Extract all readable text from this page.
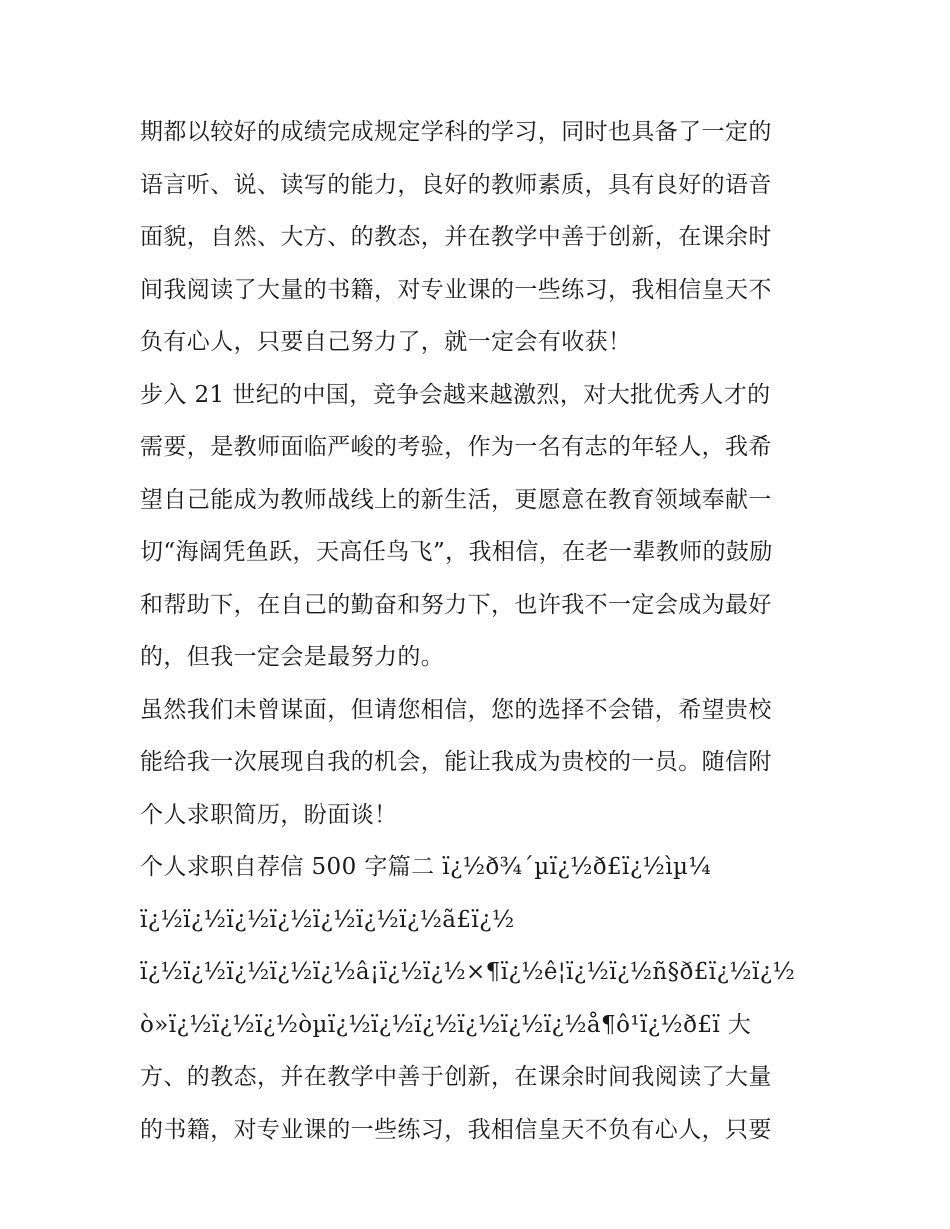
期都以较好的成绩完成规定学科的学习，同时也具备了一定的
语言听、说、读写的能力，良好的教师素质，具有良好的语音
面貌，自然、大方、的教态，并在教学中善于创新，在课余时
间我阅读了大量的书籍，对专业课的一些练习，我相信皇天不
负有心人，只要自己努力了，就一定会有收获！
步入 21 世纪的中国，竞争会越来越激烈，对大批优秀人才的
需要，是教师面临严峻的考验，作为一名有志的年轻人，我希
望自己能成为教师战线上的新生活，更愿意在教育领域奉献一
切“海阔凭鱼跃，天高任鸟飞”，我相信，在老一辈教师的鼓励
和帮助下，在自己的勤奋和努力下，也许我不一定会成为最好
的，但我一定会是最努力的。
虽然我们未曾谋面，但请您相信，您的选择不会错，希望贵校
能给我一次展现自我的机会，能让我成为贵校的一员。随信附
个人求职简历，盼面谈！
个人求职自荐信 500 字篇二 ï¿½ð¾´µï¿½ð£ï¿½ìµ¼
ï¿½ï¿½ï¿½ï¿½ï¿½ï¿½ï¿½ã£ï¿½
ï¿½ï¿½ï¿½ï¿½ï¿½â¡ï¿½ï¿½×¶ï¿½ê¦ï¿½ï¿½ñ§ð£ï¿½ï¿½
ò»ï¿½ï¿½ï¿½òµï¿½ï¿½ï¿½ï¿½ï¿½ï¿½å¶ô¹ï¿½ð£ï 大
方、的教态，并在教学中善于创新，在课余时间我阅读了大量
的书籍，对专业课的一些练习，我相信皇天不负有心人，只要
